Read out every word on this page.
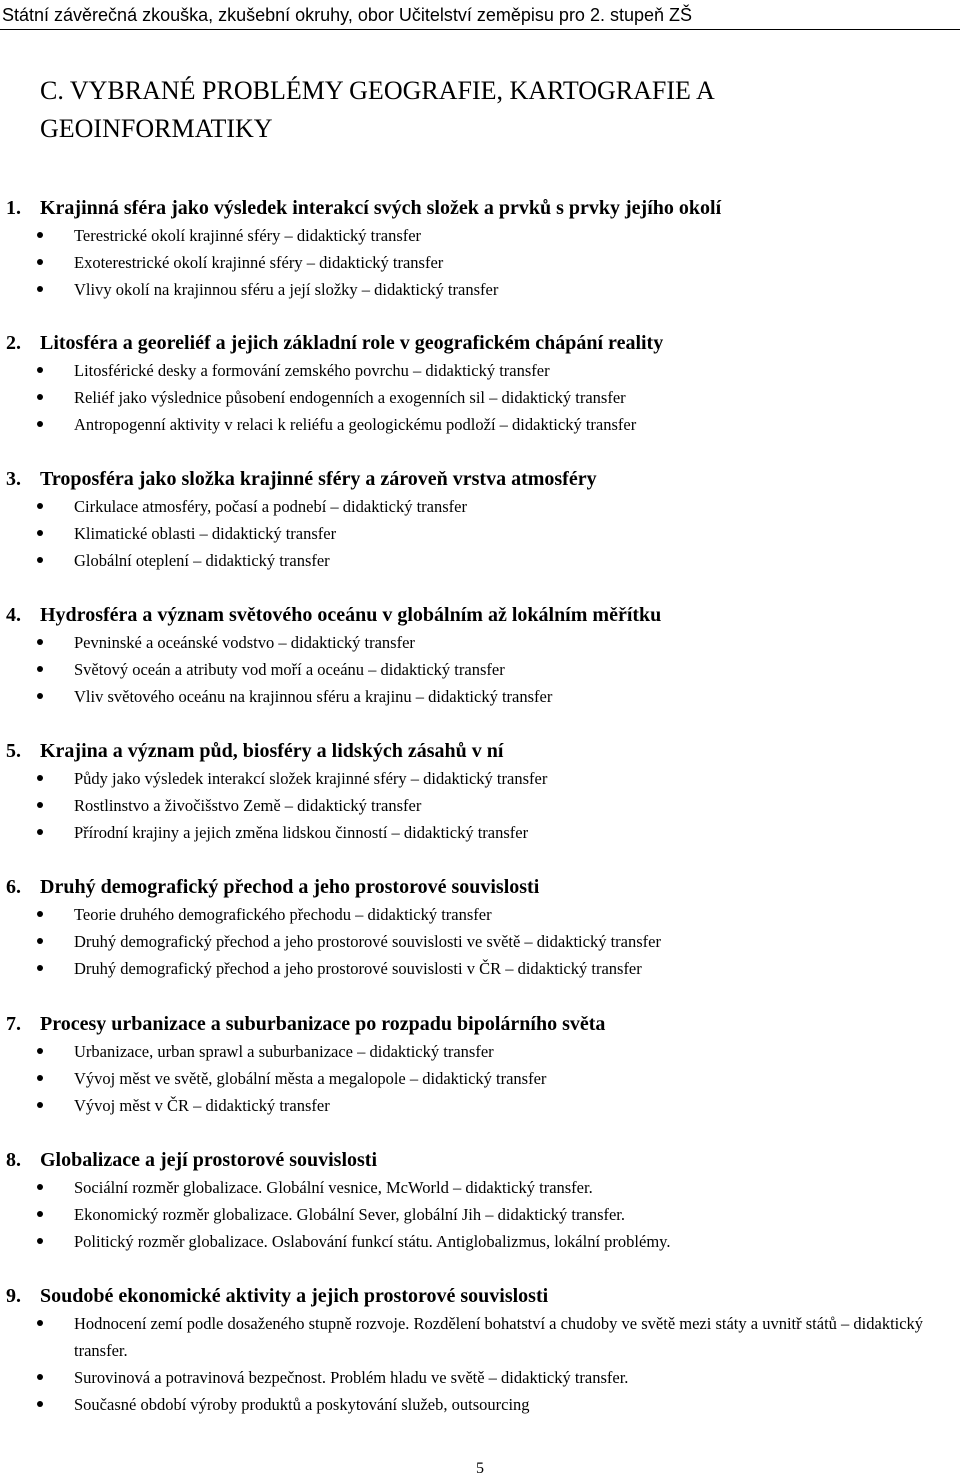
Státní závěrečná zkouška, zkušební okruhy, obor Učitelství zeměpisu pro 2. stupeň ZŠ
C. VYBRANÉ PROBLÉMY GEOGRAFIE, KARTOGRAFIE A GEOINFORMATIKY
1. Krajinná sféra jako výsledek interakcí svých složek a prvků s prvky jejího okolí
Terestrické okolí krajinné sféry – didaktický transfer
Exoterestrické okolí krajinné sféry – didaktický transfer
Vlivy okolí na krajinnou sféru a její složky – didaktický transfer
2. Litosféra a georeliéf a jejich základní role v geografickém chápání reality
Litosférické desky a formování zemského povrchu – didaktický transfer
Reliéf jako výslednice působení endogenních a exogenních sil – didaktický transfer
Antropogenní aktivity v relaci k reliéfu a geologickému podloží – didaktický transfer
3. Troposféra jako složka krajinné sféry a zároveň vrstva atmosféry
Cirkulace atmosféry, počasí a podnebí – didaktický transfer
Klimatické oblasti – didaktický transfer
Globální oteplení – didaktický transfer
4. Hydrosféra a význam světového oceánu v globálním až lokálním měřítku
Pevninské a oceánské vodstvo – didaktický transfer
Světový oceán a atributy vod moří a oceánu – didaktický transfer
Vliv světového oceánu na krajinnou sféru a krajinu – didaktický transfer
5. Krajina a význam půd, biosféry a lidských zásahů v ní
Půdy jako výsledek interakcí složek krajinné sféry – didaktický transfer
Rostlinstvo a živočišstvo Země – didaktický transfer
Přírodní krajiny a jejich změna lidskou činností – didaktický transfer
6. Druhý demografický přechod a jeho prostorové souvislosti
Teorie druhého demografického přechodu – didaktický transfer
Druhý demografický přechod a jeho prostorové souvislosti ve světě – didaktický transfer
Druhý demografický přechod a jeho prostorové souvislosti v ČR – didaktický transfer
7. Procesy urbanizace a suburbanizace po rozpadu bipolárního světa
Urbanizace, urban sprawl a suburbanizace – didaktický transfer
Vývoj měst ve světě, globální města a megalopole – didaktický transfer
Vývoj měst v ČR – didaktický transfer
8. Globalizace a její prostorové souvislosti
Sociální rozměr globalizace. Globální vesnice, McWorld – didaktický transfer.
Ekonomický rozměr globalizace. Globální Sever, globální Jih – didaktický transfer.
Politický rozměr globalizace. Oslabování funkcí státu. Antiglobalizmus, lokální problémy.
9. Soudobé ekonomické aktivity a jejich prostorové souvislosti
Hodnocení zemí podle dosaženého stupně rozvoje. Rozdělení bohatství a chudoby ve světě mezi státy a uvnitř států – didaktický transfer.
Surovinová a potravinová bezpečnost. Problém hladu ve světě – didaktický transfer.
Současné období výroby produktů a poskytování služeb, outsourcing
5
